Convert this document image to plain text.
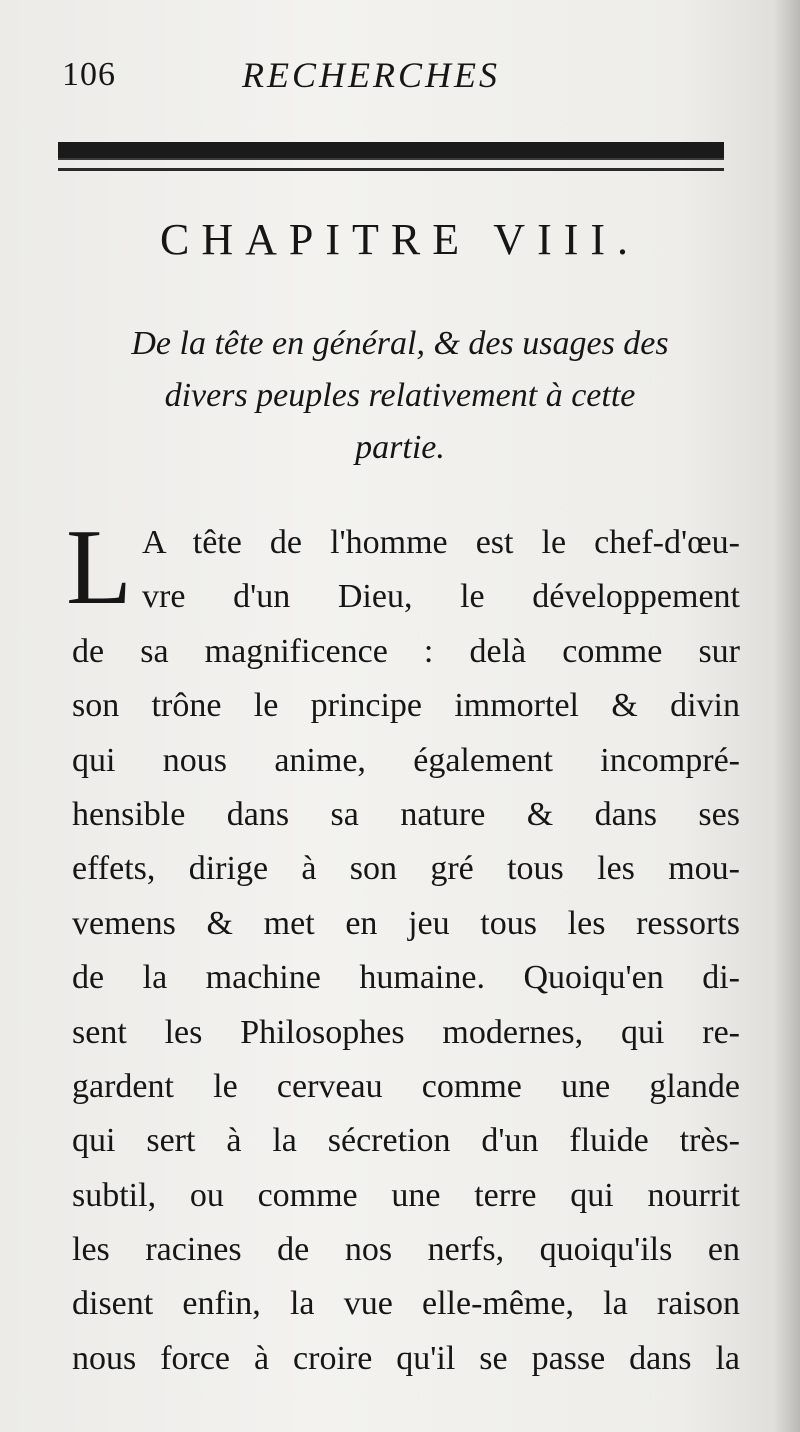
106	RECHERCHES
CHAPITRE VIII.
De la tête en général, & des usages des
divers peuples relativement à cette
partie.
L A tête de l'homme est le chef-d'œu-
vre d'un Dieu, le développement
de sa magnificence : delà comme sur
son trône le principe immortel & divin
qui nous anime, également incompré-
hensible dans sa nature & dans ses
effets, dirige à son gré tous les mou-
vemens & met en jeu tous les ressorts
de la machine humaine. Quoiqu'en di-
sent les Philosophes modernes, qui re-
gardent le cerveau comme une glande
qui sert à la sécretion d'un fluide très-
subtil, ou comme une terre qui nourrit
les racines de nos nerfs, quoiqu'ils en
disent enfin, la vue elle-même, la raison
nous force à croire qu'il se passe dans la
